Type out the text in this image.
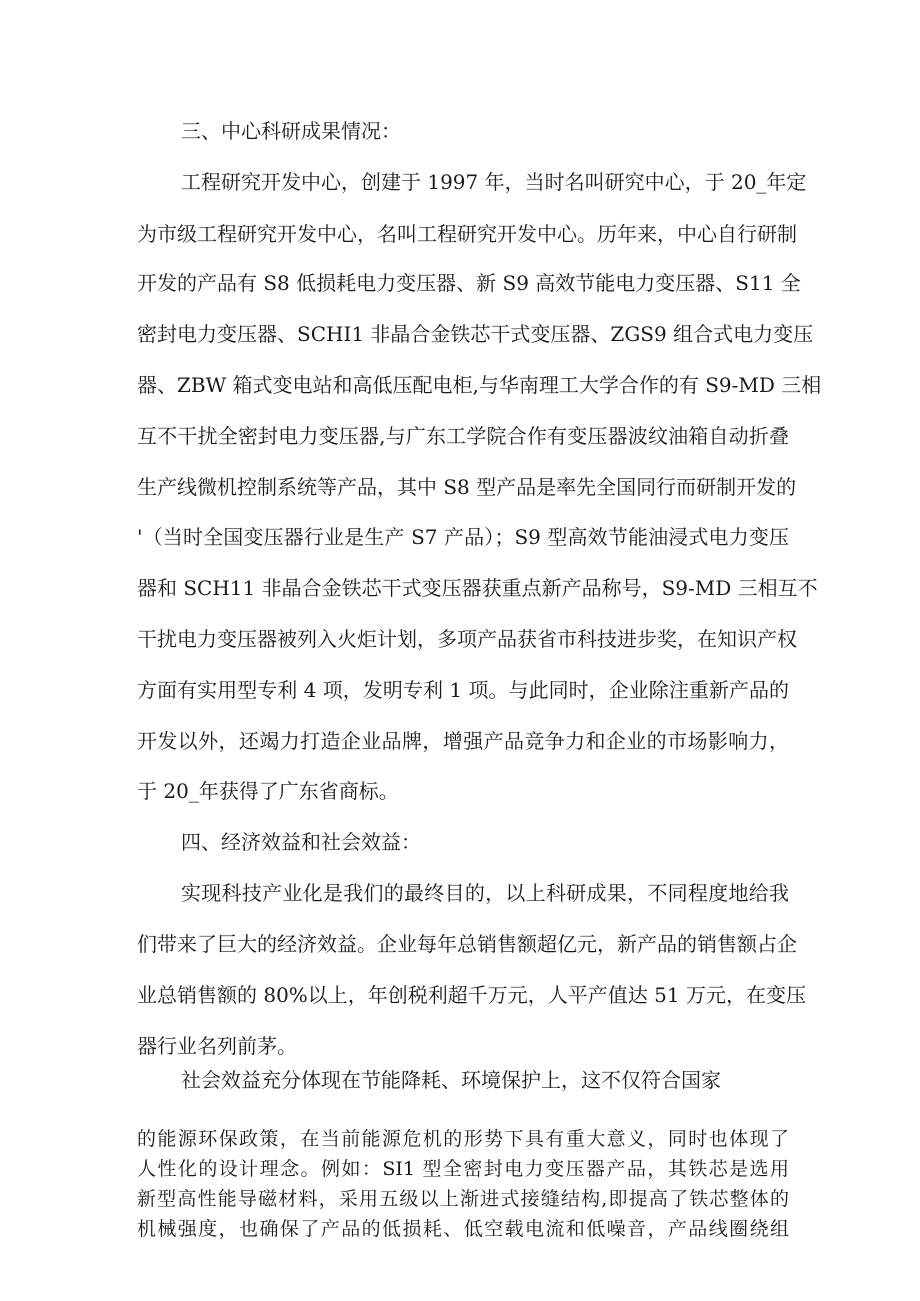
三、中心科研成果情况：
工程研究开发中心，创建于 1997 年，当时名叫研究中心，于 20_年定
为市级工程研究开发中心，名叫工程研究开发中心。历年来，中心自行研制
开发的产品有 S8 低损耗电力变压器、新 S9 高效节能电力变压器、S11 全
密封电力变压器、SCHI1 非晶合金铁芯干式变压器、ZGS9 组合式电力变压
器、ZBW 箱式变电站和高低压配电柜,与华南理工大学合作的有 S9-MD 三相
互不干扰全密封电力变压器,与广东工学院合作有变压器波纹油箱自动折叠
生产线微机控制系统等产品，其中 S8 型产品是率先全国同行而研制开发的
'（当时全国变压器行业是生产 S7 产品）；S9 型高效节能油浸式电力变压
器和 SCH11 非晶合金铁芯干式变压器获重点新产品称号，S9-MD 三相互不
干扰电力变压器被列入火炬计划，多项产品获省市科技进步奖，在知识产权
方面有实用型专利 4 项，发明专利 1 项。与此同时，企业除注重新产品的
开发以外，还竭力打造企业品牌，增强产品竞争力和企业的市场影响力，
于 20_年获得了广东省商标。
四、经济效益和社会效益：
实现科技产业化是我们的最终目的，以上科研成果，不同程度地给我
们带来了巨大的经济效益。企业每年总销售额超亿元，新产品的销售额占企
业总销售额的 80%以上，年创税利超千万元，人平产值达 51 万元，在变压
器行业名列前茅。
社会效益充分体现在节能降耗、环境保护上，这不仅符合国家
的能源环保政策，在当前能源危机的形势下具有重大意义，同时也体现了
人性化的设计理念。例如：SI1 型全密封电力变压器产品，其铁芯是选用
新型高性能导磁材料，采用五级以上渐进式接缝结构,即提高了铁芯整体的
机械强度，也确保了产品的低损耗、低空载电流和低噪音，产品线圈绕组
